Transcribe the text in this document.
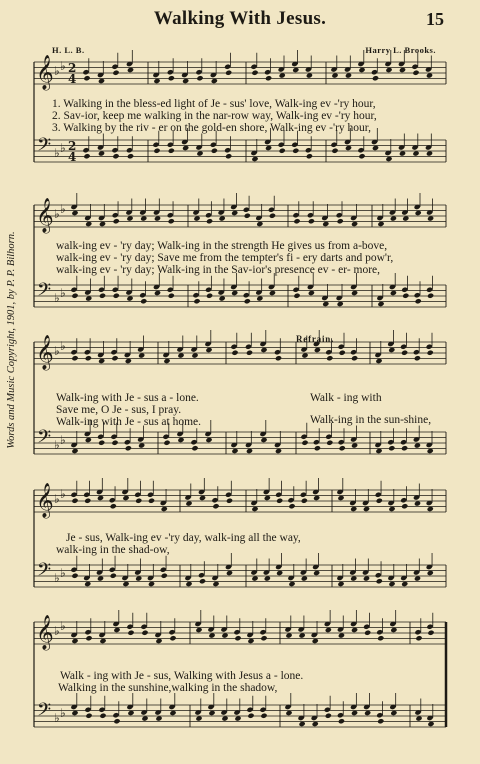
Walking With Jesus.	15
H. L. B.	Harry L. Brooks.
Words and Music Copyright, 1901, by P. P. Bilhorn.
𝄞
𝄢
♭ ♭
♭ ♭
2
4
2
4
𝄞
𝄢
♭ ♭
♭ ♭
𝄞
𝄢
♭ ♭
♭ ♭
𝄞
𝄢
♭ ♭
♭ ♭
𝄞
𝄢
♭ ♭
♭ ♭
1. Walking in the bless-ed light of Je - sus' love, Walk-ing ev -'ry hour,
2. Sav-ior, keep me walking in the nar-row way, Walk-ing ev -'ry hour,
3. Walking by the riv - er on the gold-en shore, Walk-ing ev -'ry hour,
walk-ing ev - 'ry day; Walk-ing in the strength He gives us from a-bove,
walk-ing ev - 'ry day; Save me from the tempter's fi - ery darts and pow'r,
walk-ing ev - 'ry day; Walk-ing in the Sav-ior's presence ev - er- more,
Refrain.
Walk-ing with Je - sus a - lone.
Save me, O Je - sus, I pray.
Walk-ing with Je - sus at home.
Walk - ing with
Walk-ing in the sun-shine,
Je - sus, Walk-ing ev -'ry day, walk-ing all the way,
walk-ing in the shad-ow,
Walk - ing with Je - sus, Walking with Jesus a - lone.
Walking in the sunshine,walking in the shadow,
